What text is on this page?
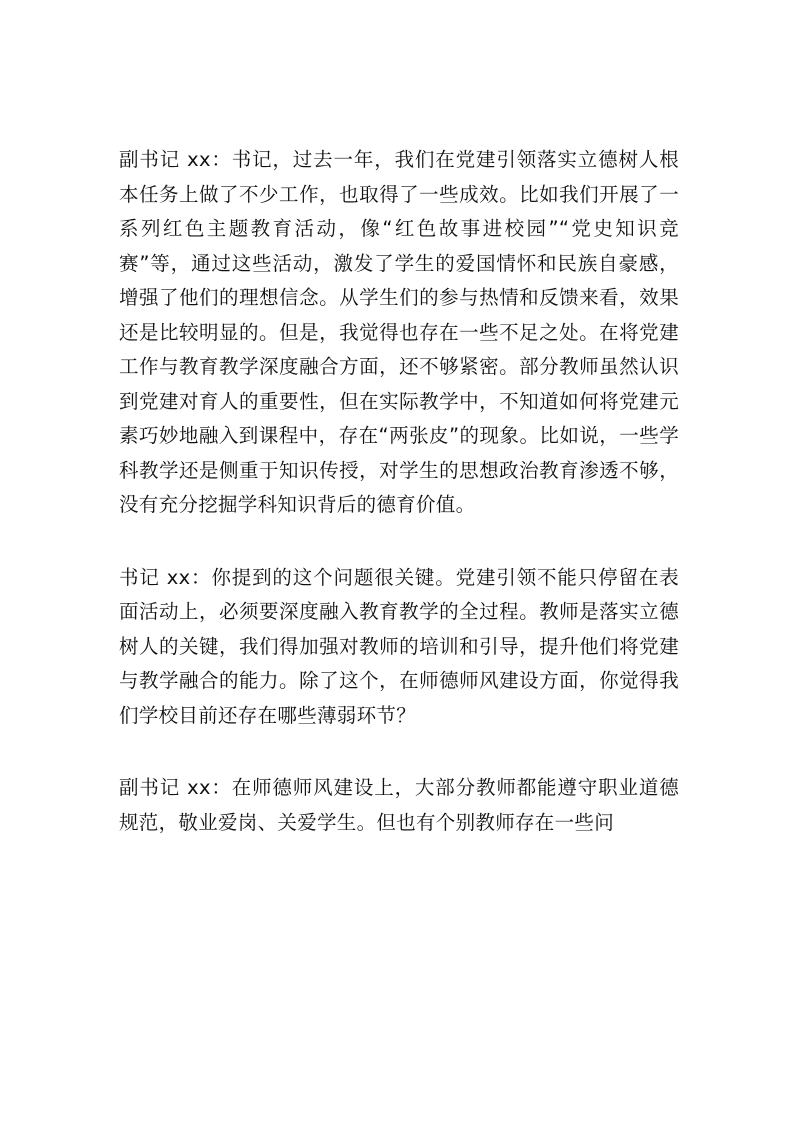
副书记 xx：书记，过去一年，我们在党建引领落实立德树人根本任务上做了不少工作，也取得了一些成效。比如我们开展了一系列红色主题教育活动，像“红色故事进校园”“党史知识竞赛”等，通过这些活动，激发了学生的爱国情怀和民族自豪感，增强了他们的理想信念。从学生们的参与热情和反馈来看，效果还是比较明显的。但是，我觉得也存在一些不足之处。在将党建工作与教育教学深度融合方面，还不够紧密。部分教师虽然认识到党建对育人的重要性，但在实际教学中，不知道如何将党建元素巧妙地融入到课程中，存在“两张皮”的现象。比如说，一些学科教学还是侧重于知识传授，对学生的思想政治教育渗透不够，没有充分挖掘学科知识背后的德育价值。

书记 xx：你提到的这个问题很关键。党建引领不能只停留在表面活动上，必须要深度融入教育教学的全过程。教师是落实立德树人的关键，我们得加强对教师的培训和引导，提升他们将党建与教学融合的能力。除了这个，在师德师风建设方面，你觉得我们学校目前还存在哪些薄弱环节？

副书记 xx：在师德师风建设上，大部分教师都能遵守职业道德规范，敬业爱岗、关爱学生。但也有个别教师存在一些问
